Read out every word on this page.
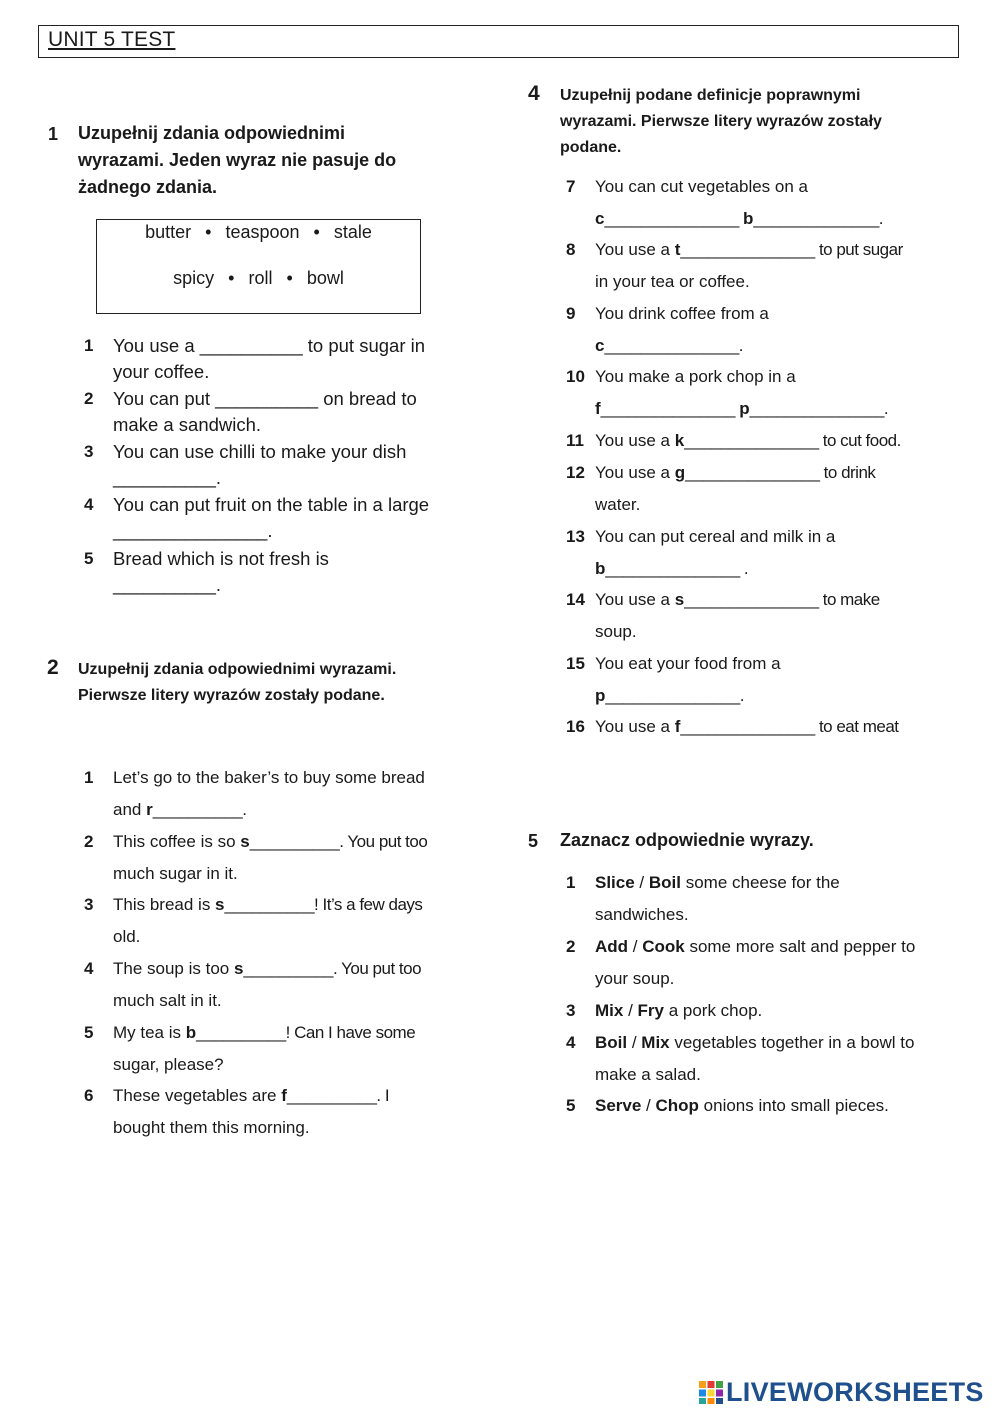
UNIT 5 TEST
1 Uzupełnij zdania odpowiednimi
wyrazami. Jeden wyraz nie pasuje do
żadnego zdania.
butter • teaspoon • stale
spicy • roll • bowl
1 You use a __________ to put sugar in
your coffee.
2 You can put __________ on bread to
make a sandwich.
3 You can use chilli to make your dish
__________.
4 You can put fruit on the table in a large
_______________.
5 Bread which is not fresh is
__________.
2 Uzupełnij zdania odpowiednimi wyrazami.
Pierwsze litery wyrazów zostały podane.
1 Let’s go to the baker’s to buy some bread
and r__________.
2 This coffee is so s__________. You put too
much sugar in it.
3 This bread is s__________! It’s a few days
old.
4 The soup is too s__________. You put too
much salt in it.
5 My tea is b__________! Can I have some
sugar, please?
6 These vegetables are f__________. I
bought them this morning.
4 Uzupełnij podane definicje poprawnymi
wyrazami. Pierwsze litery wyrazów zostały
podane.
7 You can cut vegetables on a
c_______________ b______________.
8 You use a t_______________ to put sugar
in your tea or coffee.
9 You drink coffee from a
c_______________.
10 You make a pork chop in a
f_______________ p_______________.
11 You use a k_______________ to cut food.
12 You use a g_______________ to drink
water.
13 You can put cereal and milk in a
b_______________ .
14 You use a s_______________ to make
soup.
15 You eat your food from a
p_______________.
16 You use a f_______________ to eat meat
5 Zaznacz odpowiednie wyrazy.
1 Slice / Boil some cheese for the
sandwiches.
2 Add / Cook some more salt and pepper to
your soup.
3 Mix / Fry a pork chop.
4 Boil / Mix vegetables together in a bowl to
make a salad.
5 Serve / Chop onions into small pieces.
LIVEWORKSHEETS
